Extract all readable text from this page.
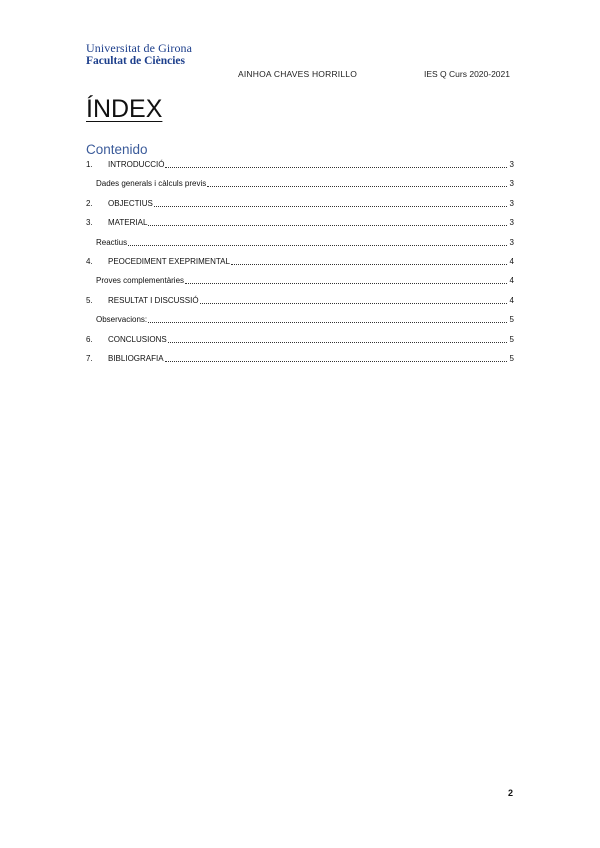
Universitat de Girona
Facultat de Ciències
AINHOA CHAVES HORRILLO	IES Q Curs 2020-2021
ÍNDEX
Contenido
1.	INTRODUCCIÓ	3
Dades generals i càlculs previs	3
2.	OBJECTIUS	3
3.	MATERIAL	3
Reactius	3
4.	PEOCEDIMENT EXEPRIMENTAL	4
Proves complementàries	4
5.	RESULTAT I DISCUSSIÓ	4
Observacions:	5
6.	CONCLUSIONS	5
7.	BIBLIOGRAFIA	5
2
